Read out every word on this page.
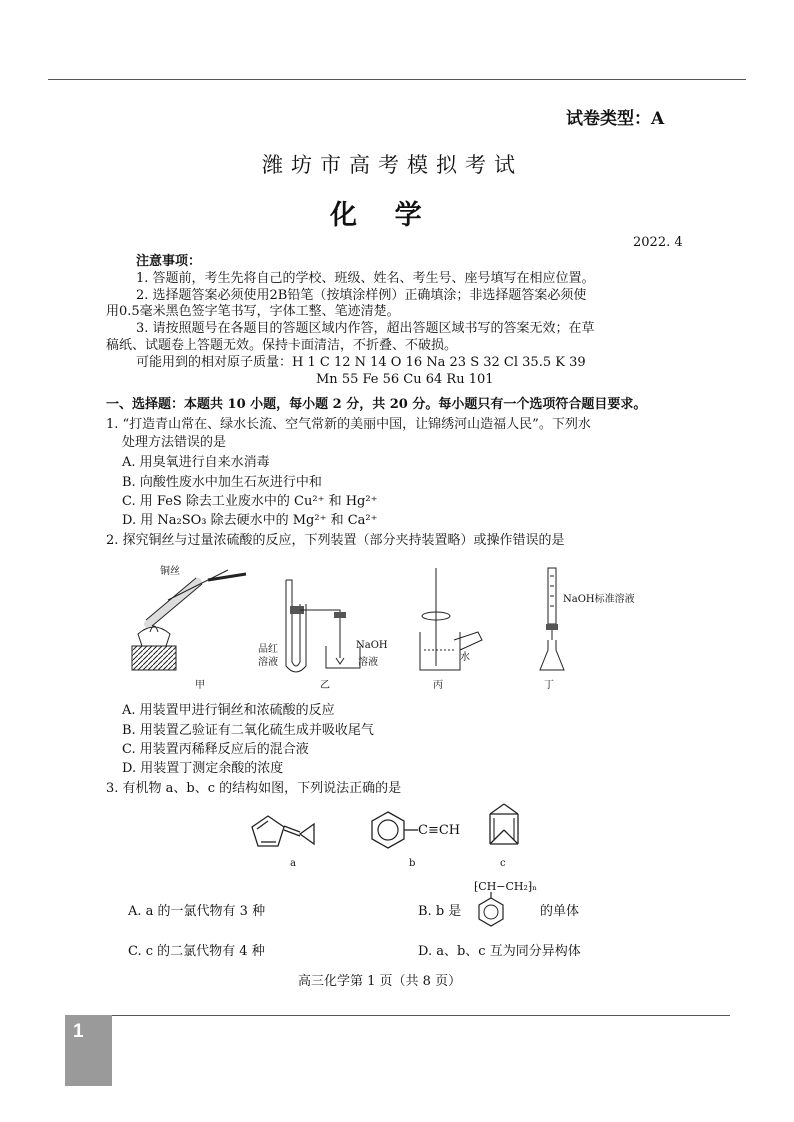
试卷类型：A
潍坊市高考模拟考试
化    学
2022. 4
注意事项：
1. 答题前，考生先将自己的学校、班级、姓名、考生号、座号填写在相应位置。
2. 选择题答案必须使用2B铅笔（按填涂样例）正确填涂；非选择题答案必须使
用0.5毫米黑色签字笔书写，字体工整、笔迹清楚。
3. 请按照题号在各题目的答题区域内作答，超出答题区域书写的答案无效；在草
稿纸、试题卷上答题无效。保持卡面清洁，不折叠、不破损。
可能用到的相对原子质量：H 1 C 12 N 14 O 16 Na 23 S 32 Cl 35.5 K 39
Mn 55 Fe 56 Cu 64 Ru 101
一、选择题：本题共 10 小题，每小题 2 分，共 20 分。每小题只有一个选项符合题目要求。
1. “打造青山常在、绿水长流、空气常新的美丽中国，让锦绣河山造福人民”。下列水
处理方法错误的是
A. 用臭氧进行自来水消毒
B. 向酸性废水中加生石灰进行中和
C. 用 FeS 除去工业废水中的 Cu²⁺ 和 Hg²⁺
D. 用 Na₂SO₃ 除去硬水中的 Mg²⁺ 和 Ca²⁺
2. 探究铜丝与过量浓硫酸的反应，下列装置（部分夹持装置略）或操作错误的是
铜丝
品红
溶液
NaOH
溶液	水
NaOH标准溶液
甲	乙	丙	丁
A. 用装置甲进行铜丝和浓硫酸的反应
B. 用装置乙验证有二氧化硫生成并吸收尾气
C. 用装置丙稀释反应后的混合液
D. 用装置丁测定余酸的浓度
3. 有机物 a、b、c 的结构如图，下列说法正确的是
a
C≡CH
b	c
A. a 的一氯代物有 3 种	B. b 是
⁅CH−CH₂⁆ₙ
的单体
C. c 的二氯代物有 4 种	D. a、b、c 互为同分异构体
高三化学第 1 页（共 8 页）
1
